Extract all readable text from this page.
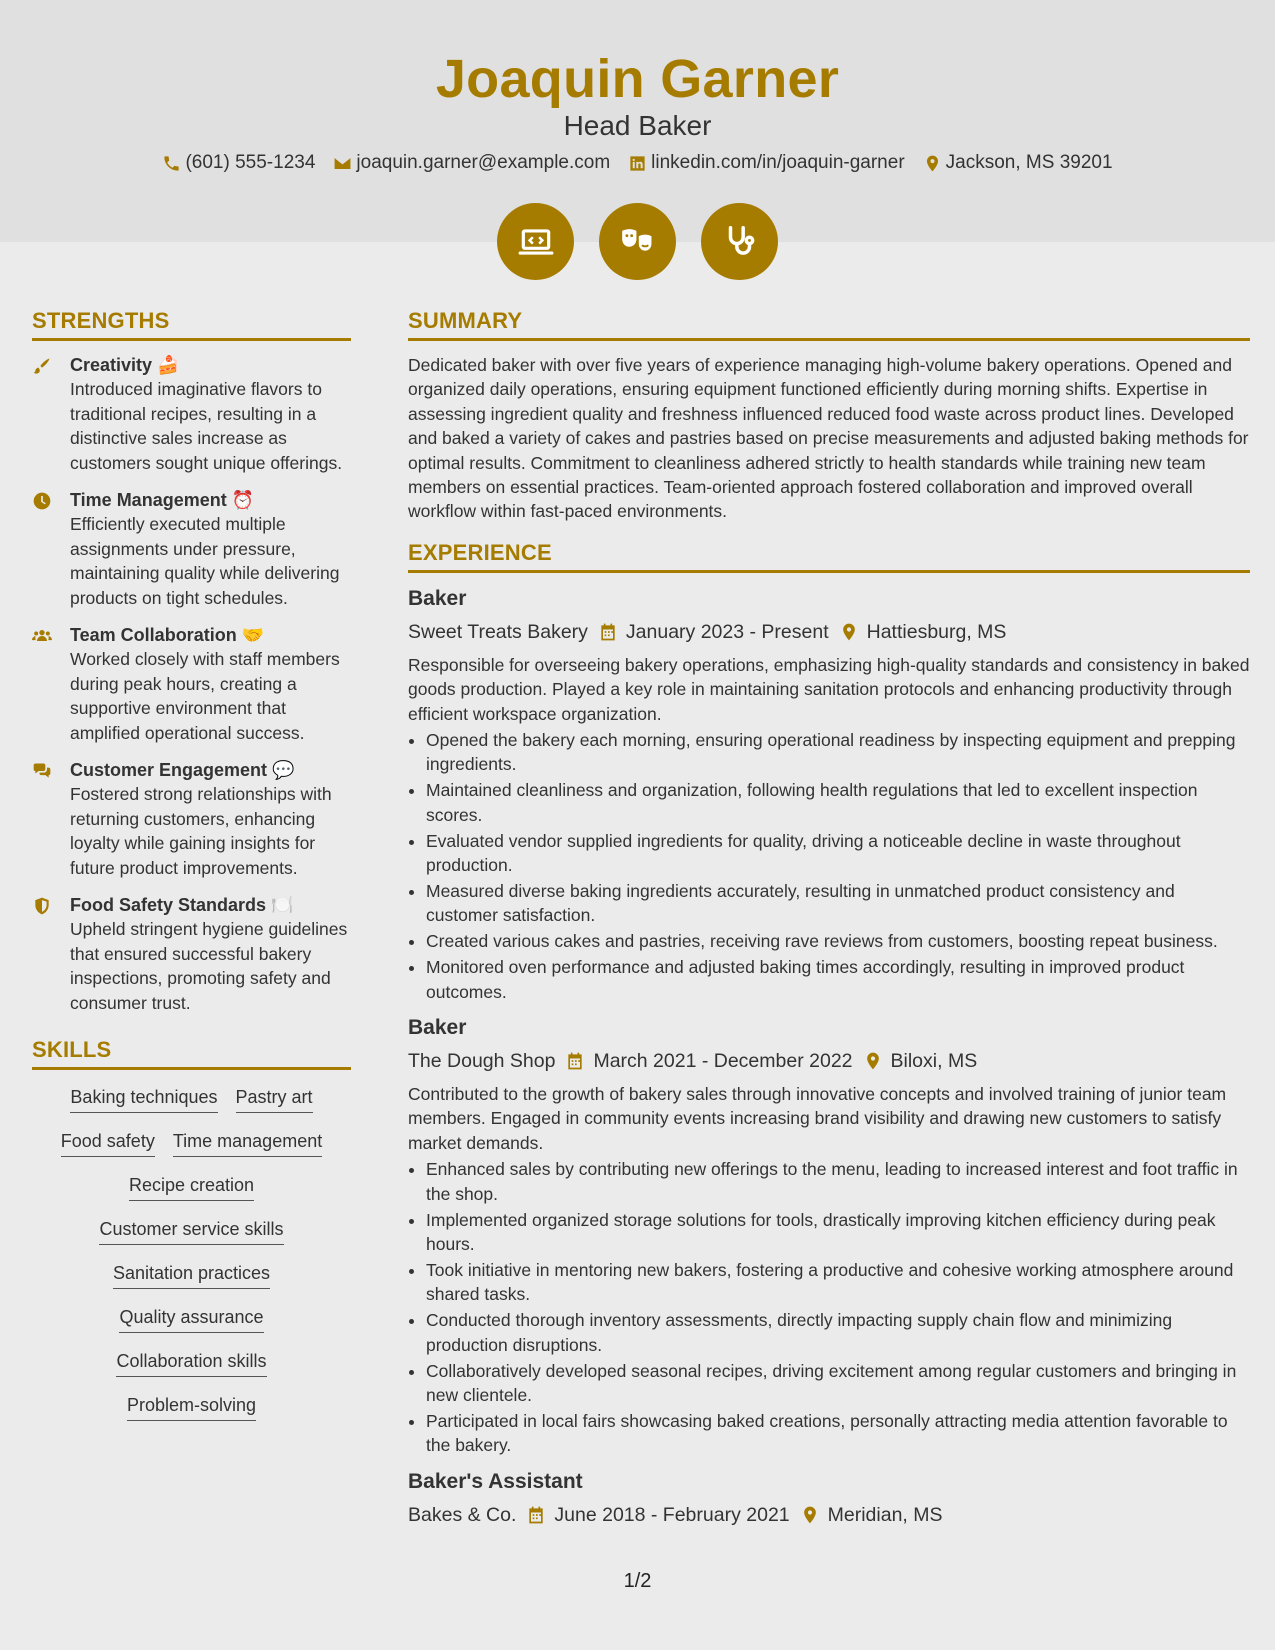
Joaquin Garner
Head Baker
(601) 555-1234 joaquin.garner@example.com linkedin.com/in/joaquin-garner Jackson, MS 39201
STRENGTHS
Creativity 🍰
Introduced imaginative flavors to traditional recipes, resulting in a distinctive sales increase as customers sought unique offerings.
Time Management ⏰
Efficiently executed multiple assignments under pressure, maintaining quality while delivering products on tight schedules.
Team Collaboration 🤝
Worked closely with staff members during peak hours, creating a supportive environment that amplified operational success.
Customer Engagement 💬
Fostered strong relationships with returning customers, enhancing loyalty while gaining insights for future product improvements.
Food Safety Standards 🍽️
Upheld stringent hygiene guidelines that ensured successful bakery inspections, promoting safety and consumer trust.
SKILLS
Baking techniques Pastry art
Food safety Time management
Recipe creation
Customer service skills
Sanitation practices
Quality assurance
Collaboration skills
Problem-solving
SUMMARY

Dedicated baker with over five years of experience managing high-volume bakery operations. Opened and organized daily operations, ensuring equipment functioned efficiently during morning shifts. Expertise in assessing ingredient quality and freshness influenced reduced food waste across product lines. Developed and baked a variety of cakes and pastries based on precise measurements and adjusted baking methods for optimal results. Commitment to cleanliness adhered strictly to health standards while training new team members on essential practices. Team-oriented approach fostered collaboration and improved overall workflow within fast-paced environments.

EXPERIENCE
Baker
Sweet Treats Bakery January 2023 - Present Hattiesburg, MS

Responsible for overseeing bakery operations, emphasizing high-quality standards and consistency in baked goods production. Played a key role in maintaining sanitation protocols and enhancing productivity through efficient workspace organization.

• Opened the bakery each morning, ensuring operational readiness by inspecting equipment and prepping ingredients.
• Maintained cleanliness and organization, following health regulations that led to excellent inspection scores.
• Evaluated vendor supplied ingredients for quality, driving a noticeable decline in waste throughout production.
• Measured diverse baking ingredients accurately, resulting in unmatched product consistency and customer satisfaction.
• Created various cakes and pastries, receiving rave reviews from customers, boosting repeat business.
• Monitored oven performance and adjusted baking times accordingly, resulting in improved product outcomes.
Baker
The Dough Shop March 2021 - December 2022 Biloxi, MS

Contributed to the growth of bakery sales through innovative concepts and involved training of junior team members. Engaged in community events increasing brand visibility and drawing new customers to satisfy market demands.

• Enhanced sales by contributing new offerings to the menu, leading to increased interest and foot traffic in the shop.
• Implemented organized storage solutions for tools, drastically improving kitchen efficiency during peak hours.
• Took initiative in mentoring new bakers, fostering a productive and cohesive working atmosphere around shared tasks.
• Conducted thorough inventory assessments, directly impacting supply chain flow and minimizing production disruptions.
• Collaboratively developed seasonal recipes, driving excitement among regular customers and bringing in new clientele.
• Participated in local fairs showcasing baked creations, personally attracting media attention favorable to the bakery.
Baker's Assistant
Bakes & Co. June 2018 - February 2021 Meridian, MS
1/2
